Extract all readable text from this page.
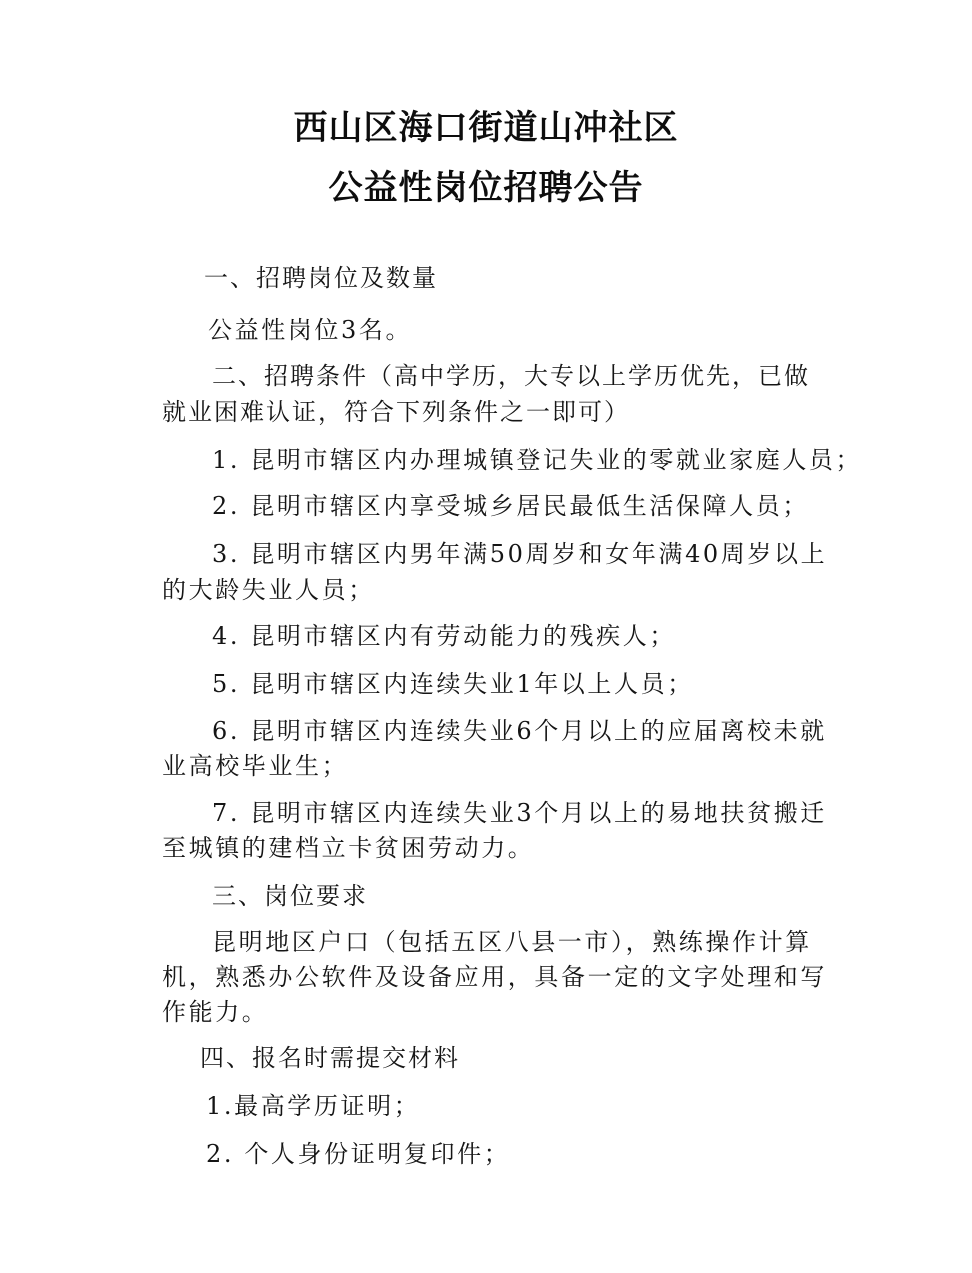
西山区海口街道山冲社区
公益性岗位招聘公告
一、招聘岗位及数量
公益性岗位3名。
二、招聘条件（高中学历，大专以上学历优先，已做
就业困难认证，符合下列条件之一即可）
1. 昆明市辖区内办理城镇登记失业的零就业家庭人员；
2. 昆明市辖区内享受城乡居民最低生活保障人员；
3. 昆明市辖区内男年满50周岁和女年满40周岁以上
的大龄失业人员；
4. 昆明市辖区内有劳动能力的残疾人；
5. 昆明市辖区内连续失业1年以上人员；
6. 昆明市辖区内连续失业6个月以上的应届离校未就
业高校毕业生；
7. 昆明市辖区内连续失业3个月以上的易地扶贫搬迁
至城镇的建档立卡贫困劳动力。
三、岗位要求
昆明地区户口（包括五区八县一市），熟练操作计算
机，熟悉办公软件及设备应用，具备一定的文字处理和写
作能力。
四、报名时需提交材料
1.最高学历证明；
2. 个人身份证明复印件；
